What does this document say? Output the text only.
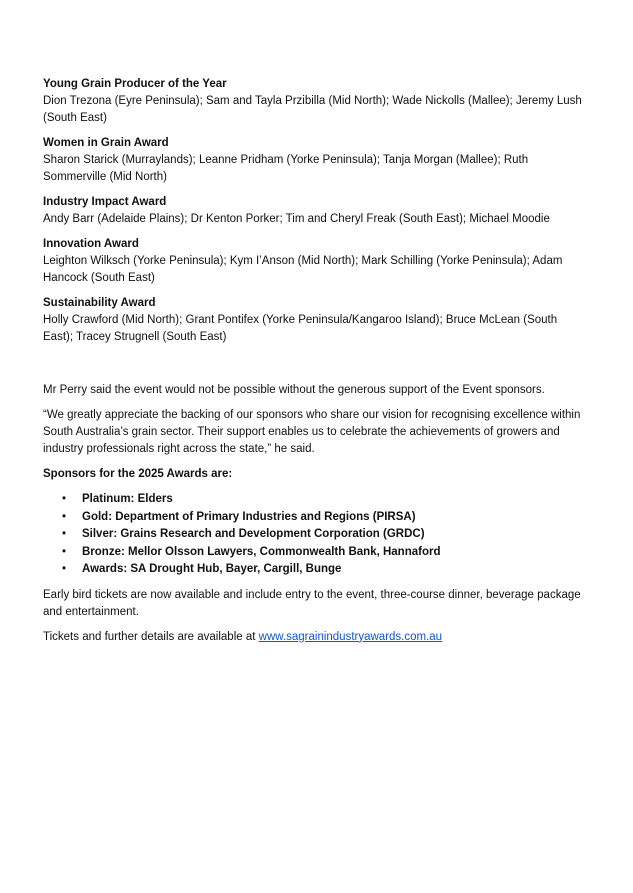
Young Grain Producer of the Year
Dion Trezona (Eyre Peninsula); Sam and Tayla Przibilla (Mid North); Wade Nickolls (Mallee); Jeremy Lush (South East)
Women in Grain Award
Sharon Starick (Murraylands); Leanne Pridham (Yorke Peninsula); Tanja Morgan (Mallee); Ruth Sommerville (Mid North)
Industry Impact Award
Andy Barr (Adelaide Plains); Dr Kenton Porker; Tim and Cheryl Freak (South East); Michael Moodie
Innovation Award
Leighton Wilksch (Yorke Peninsula); Kym I’Anson (Mid North); Mark Schilling (Yorke Peninsula); Adam Hancock (South East)
Sustainability Award
Holly Crawford (Mid North); Grant Pontifex (Yorke Peninsula/Kangaroo Island); Bruce McLean (South East); Tracey Strugnell (South East)

Mr Perry said the event would not be possible without the generous support of the Event sponsors.

“We greatly appreciate the backing of our sponsors who share our vision for recognising excellence within South Australia’s grain sector. Their support enables us to celebrate the achievements of growers and industry professionals right across the state,” he said.

Sponsors for the 2025 Awards are:

• Platinum: Elders
• Gold: Department of Primary Industries and Regions (PIRSA)
• Silver: Grains Research and Development Corporation (GRDC)
• Bronze: Mellor Olsson Lawyers, Commonwealth Bank, Hannaford
• Awards: SA Drought Hub, Bayer, Cargill, Bunge

Early bird tickets are now available and include entry to the event, three-course dinner, beverage package and entertainment.

Tickets and further details are available at www.sagrainindustryawards.com.au
